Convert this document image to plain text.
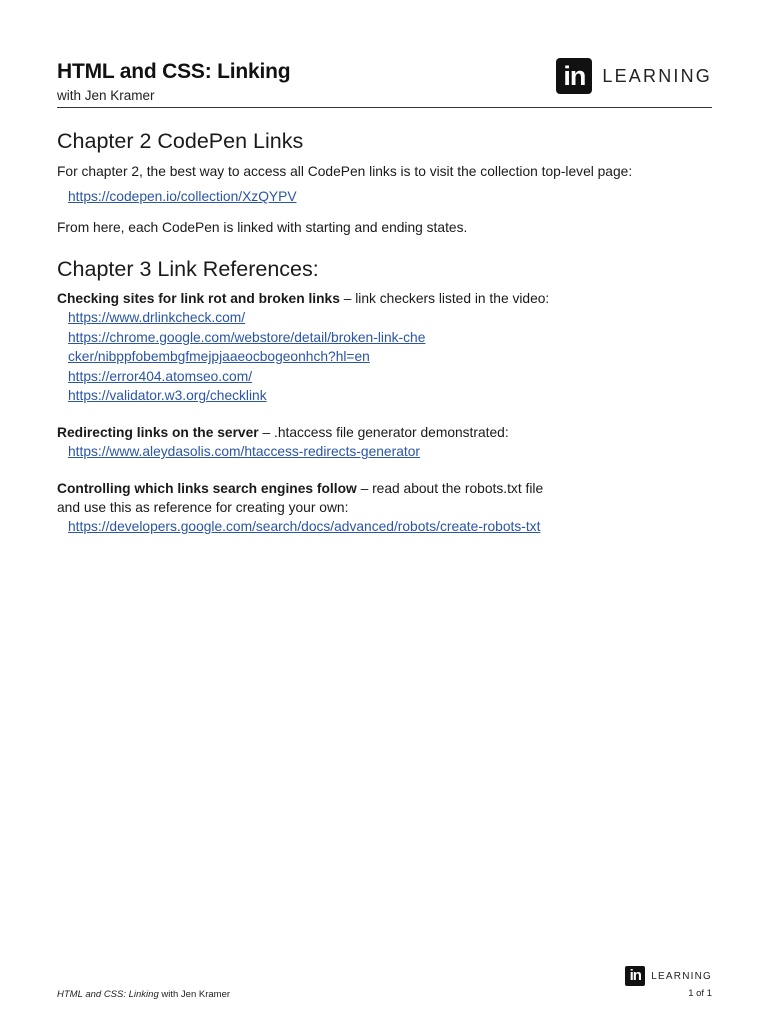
HTML and CSS: Linking
with Jen Kramer
in LEARNING
Chapter 2 CodePen Links
For chapter 2, the best way to access all CodePen links is to visit the collection top-level page:
https://codepen.io/collection/XzQYPV
From here, each CodePen is linked with starting and ending states.
Chapter 3 Link References:
Checking sites for link rot and broken links – link checkers listed in the video:
https://www.drlinkcheck.com/
https://chrome.google.com/webstore/detail/broken-link-checker/nibppfobembgfmejpjaaeocbogeonhch?hl=en
https://error404.atomseo.com/
https://validator.w3.org/checklink
Redirecting links on the server – .htaccess file generator demonstrated:
https://www.aleydasolis.com/htaccess-redirects-generator
Controlling which links search engines follow – read about the robots.txt file
and use this as reference for creating your own:
https://developers.google.com/search/docs/advanced/robots/create-robots-txt
in	LEARNING
HTML and CSS: Linking with Jen Kramer	1 of 1
